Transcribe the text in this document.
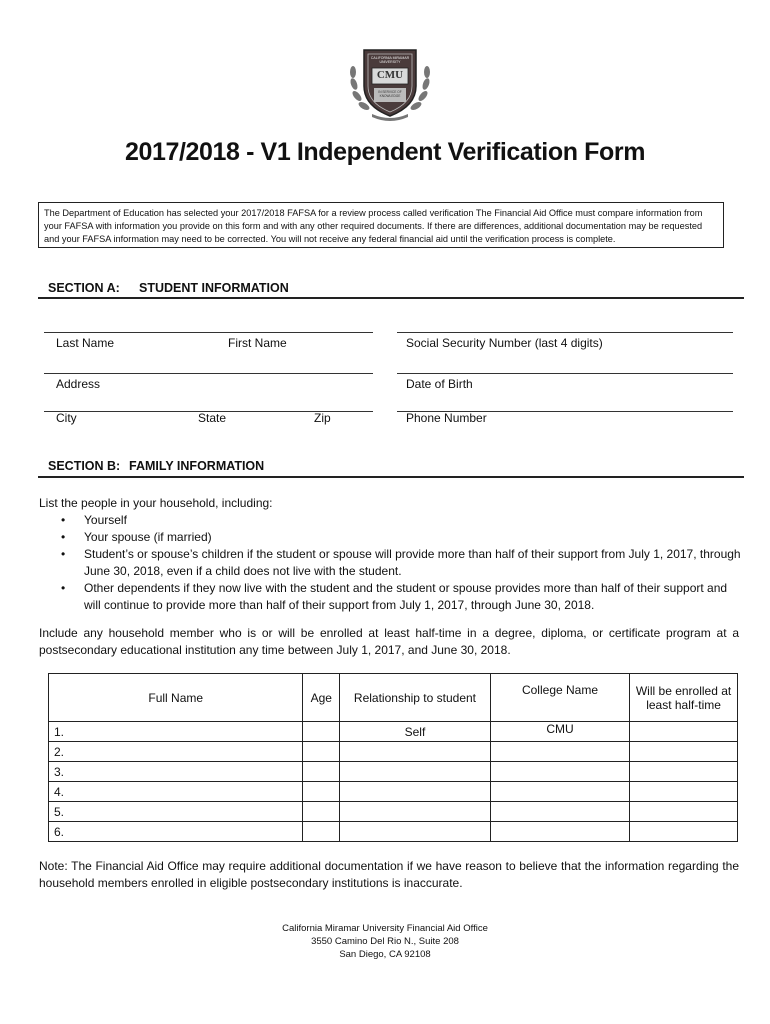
CALIFORNIA MIRAMAR UNIVERSITY
CMU
IN SERVICE OF KNOWLEDGE
2017/2018 - V1 Independent Verification Form
The Department of Education has selected your 2017/2018 FAFSA for a review process called verification The Financial Aid Office must compare information from your FAFSA with information you provide on this form and with any other required documents. If there are differences, additional documentation may be requested and your FAFSA information may need to be corrected. You will not receive any federal financial aid until the verification process is complete.
SECTION A: STUDENT INFORMATION
Last Name	First Name	Social Security Number (last 4 digits)
Address	Date of Birth
City	State	Zip	Phone Number
SECTION B: FAMILY INFORMATION
List the people in your household, including:
• Yourself
• Your spouse (if married)
• Student’s or spouse’s children if the student or spouse will provide more than half of their support from July 1, 2017, through June 30, 2018, even if a child does not live with the student.
• Other dependents if they now live with the student and the student or spouse provides more than half of their support and will continue to provide more than half of their support from July 1, 2017, through June 30, 2018.
Include any household member who is or will be enrolled at least half-time in a degree, diploma, or certificate program at a postsecondary educational institution any time between July 1, 2017, and June 30, 2018.
Full Name	Age	Relationship to student	College Name	Will be enrolled at least half-time
1.		Self	CMU	
2.				
3.				
4.				
5.				
6.				
Note: The Financial Aid Office may require additional documentation if we have reason to believe that the information regarding the household members enrolled in eligible postsecondary institutions is inaccurate.
California Miramar University Financial Aid Office
3550 Camino Del Rio N., Suite 208
San Diego, CA 92108
